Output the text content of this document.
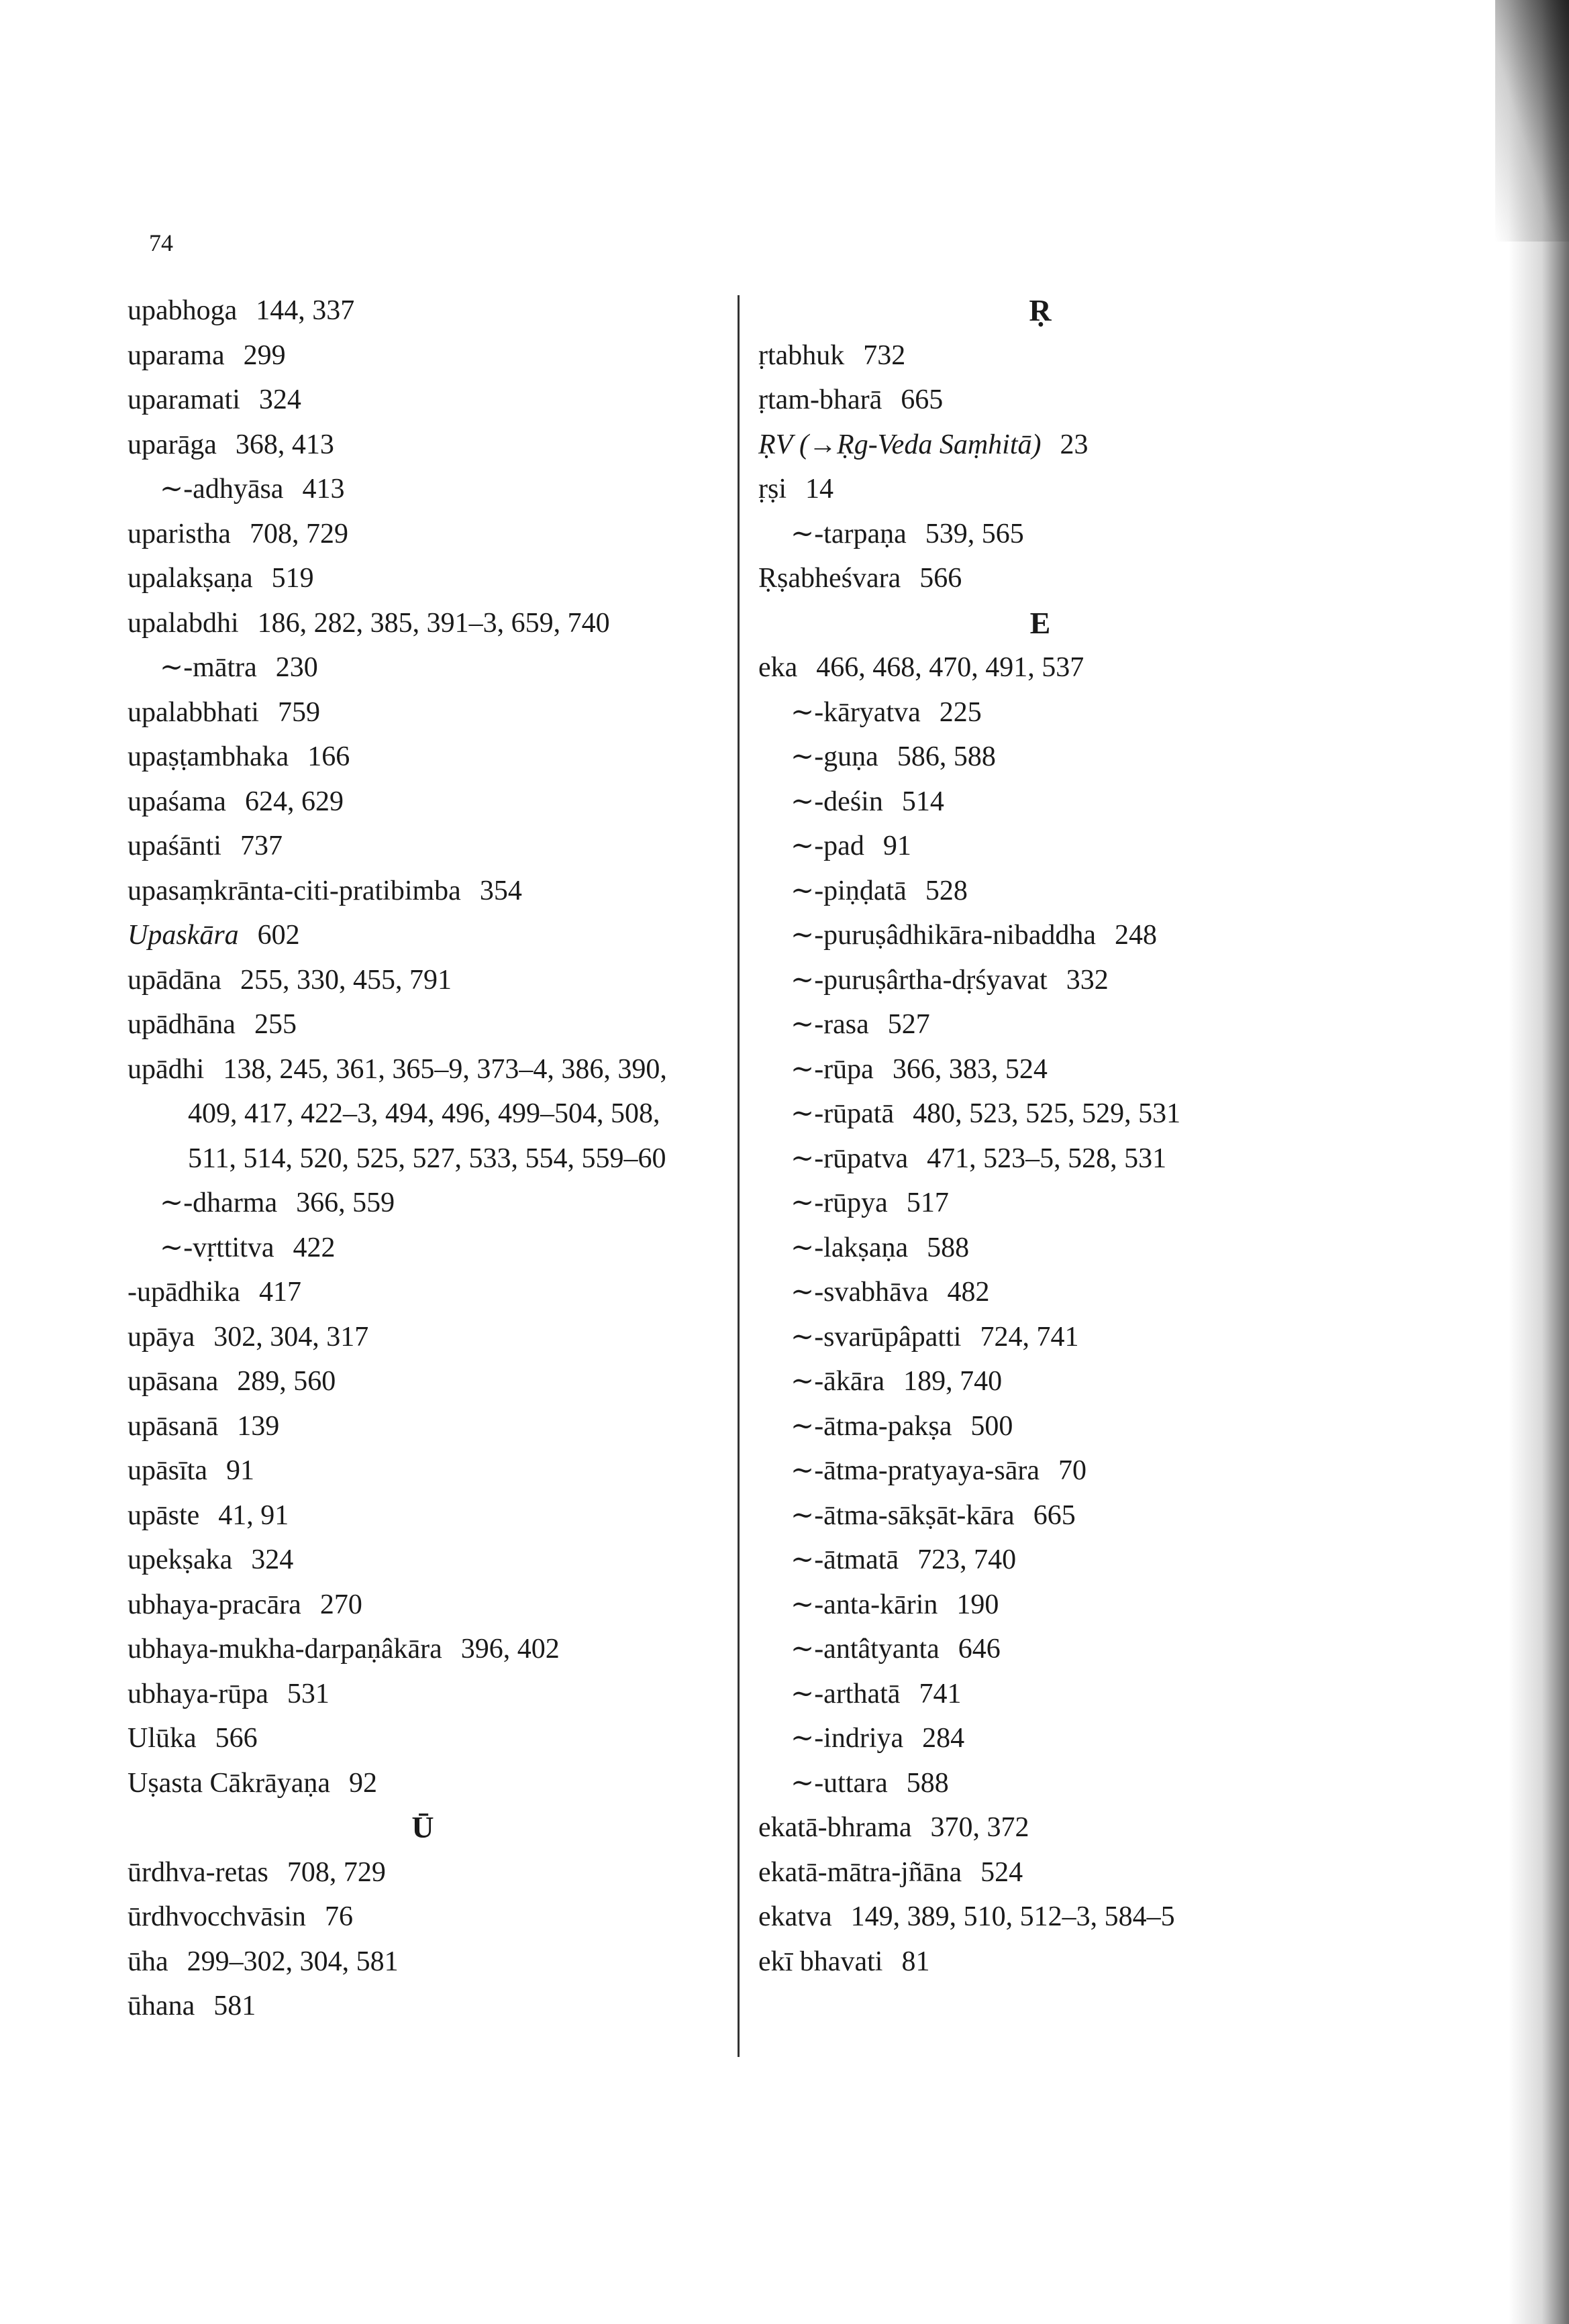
74
upabhoga 144, 337
uparama 299
uparamati 324
uparāga 368, 413
∼-adhyāsa 413
uparistha 708, 729
upalakṣaṇa 519
upalabdhi 186, 282, 385, 391–3, 659, 740
∼-mātra 230
upalabbhati 759
upaṣṭambhaka 166
upaśama 624, 629
upaśānti 737
upasaṃkrānta-citi-pratibimba 354
Upaskāra 602
upādāna 255, 330, 455, 791
upādhāna 255
upādhi 138, 245, 361, 365–9, 373–4, 386, 390,
409, 417, 422–3, 494, 496, 499–504, 508,
511, 514, 520, 525, 527, 533, 554, 559–60
∼-dharma 366, 559
∼-vṛttitva 422
-upādhika 417
upāya 302, 304, 317
upāsana 289, 560
upāsanā 139
upāsīta 91
upāste 41, 91
upekṣaka 324
ubhaya-pracāra 270
ubhaya-mukha-darpaṇâkāra 396, 402
ubhaya-rūpa 531
Ulūka 566
Uṣasta Cākrāyaṇa 92
Ū
ūrdhva-retas 708, 729
ūrdhvocchvāsin 76
ūha 299–302, 304, 581
ūhana 581
Ṛ
ṛtabhuk 732
ṛtam-bharā 665
ṚV (→Ṛg-Veda Saṃhitā) 23
ṛṣi 14
∼-tarpaṇa 539, 565
Ṛṣabheśvara 566
E
eka 466, 468, 470, 491, 537
∼-kāryatva 225
∼-guṇa 586, 588
∼-deśin 514
∼-pad 91
∼-piṇḍatā 528
∼-puruṣâdhikāra-nibaddha 248
∼-puruṣârtha-dṛśyavat 332
∼-rasa 527
∼-rūpa 366, 383, 524
∼-rūpatā 480, 523, 525, 529, 531
∼-rūpatva 471, 523–5, 528, 531
∼-rūpya 517
∼-lakṣaṇa 588
∼-svabhāva 482
∼-svarūpâpatti 724, 741
∼-ākāra 189, 740
∼-ātma-pakṣa 500
∼-ātma-pratyaya-sāra 70
∼-ātma-sākṣāt-kāra 665
∼-ātmatā 723, 740
∼-anta-kārin 190
∼-antâtyanta 646
∼-arthatā 741
∼-indriya 284
∼-uttara 588
ekatā-bhrama 370, 372
ekatā-mātra-jñāna 524
ekatva 149, 389, 510, 512–3, 584–5
ekī bhavati 81
